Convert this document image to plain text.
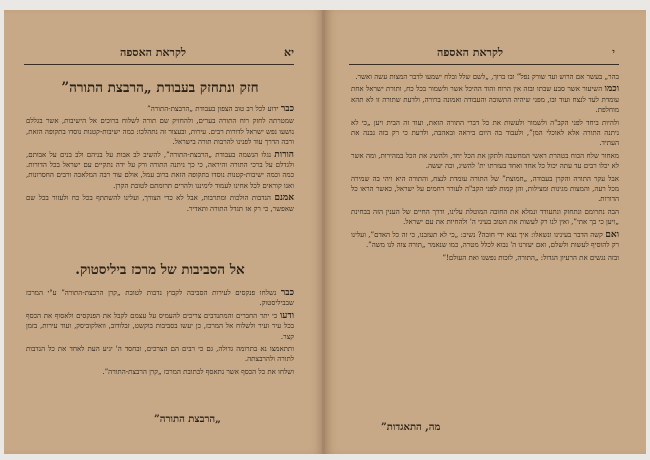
לקראת האספה	יא
חזק ונתחזק בעבודת „הרבצת התורה”

כבר ידוע לכל רב טוב הצפון בעבודת „הרבצת-התורה”

שמטרתה לחזק רוח התורה בערים, ולהחזיק שם תורה לשלוח ברוכים אל הישיבות, אשר בגללם נושעו נפש ישראל לדורות רבים. עירות, ובעצור זה נתהלכו: כמה ישיבות-קטנות נוסדו בתקופה הזאת, ורבה הדרך עוד לפנינו להרבות תורה בישראל.

הורות נגלו הנשמה בעבודת „הרבצת-התורה”, להשיב לב אבות על בניהם ולב בנים על אבותם, ולגדלם על ברכי התורה והיראה, כי כך ניתנה התורה ורק על ידה נתקיים עם ישראל בכל הדורות. כמה וכמה ישיבות-קטנות נוסדו בתקופה הזאת ברוב עמל, אולם עוד רבה המלאכה ורבים החסרונות, ואנו קוראים לכל אחינו לעמוד לימיננו ולהרים תרומתם לטובת הקרן.

אמנם הנדבות הולכות ומתרבות, אבל לא כדי הצורך, ועלינו להשתתף בכל כח ולעזור בכל שם שאפשר, כי רק אז תגדל התורה ותאדיר.

אל הסביבות של מרכז ביליסטוק.

כבר נשלחו פנקסים לעירות הסביבה לקבוץ נדבות לטובת „קרן הרבצת-התורה” ע"י המרכז שבביליסטוק.

ודעו כי יתר החברים והמתנדבים צריכים להעמיס על עצמם לקבל את הפנקסים ולאסוף את הכסף בכל עיר ועיר ולשלוח אל המרכז, כן יעשו בסביבות בוקשט, זבלודוב, וואלקוביסק, ועוד עירות, בזמן קצר.

ותתאמצו נא בתרומה גדולה, גם כי רבים הם הצרכים, ובחסד ה' יגיע העת לאחד את כל הנדבות לתורה ולהרבצתה.

ושלחו את כל הכסף אשר נתאסף לכתובת המרכז „קרן הרבצת-התורה”.

„הרבצת התורה”
לקראת האספה	י

בהר„ בעשר אם הרוש ועד שורק נפל” ובו ברוך, „לשם שלל ובלח ישמעו לדבר המצות עשה ואשר.

וכמו השיעור אשר סבע שבתו ובזה אין הרוח והוד ההיכל אשר ולשמור בכל כח, ותורת ישראל אחת עומדת לעד לנצח ועוד ובו, מפני שיהיה התשובה והעבודה ואמונה ברורה, ולדעת שתורה זו לא תהא מוחלפת.

ולהיות ביחד לפני הקב"ה ולשמור ולעשות את כל דברי התורה הזאת, ועוד זה הבית ויען „כי לא ניתנה התורה אלא לאוכלי המן”, ולעבוד בה היום ביראה ובאהבה, ולדעת כי רק בזה נבנה את העתיד.

מאחור שלח הכוח בטהרת ראשי המחשבה ולתקן את הכל יחד, ולהשיג את הכל במהירות, ומה אשר לא יכלו רבים עד עתה יכול כל אחד ואחד בעזרתו ית' להשיג, וכה יעשה.

אבל עקר התורה והקרן בעבודה, „חמוצת” של התורה עומדת לנצח, והתורה היא ויהי בה שמירה מכל רעה, והמצות מגינות ומצילות, והן קמות לפני הקב"ה לעורר רחמים על ישראל, כאשר הראו כל הדורות.

הבה נתרומם ונתחזק ונתעודד ונמלא את החובה המוטלת עלינו, ודרך החיים של הענין הזה בבחינת „ויען כי בך אתי”, ואין לנו רק לעשות את הטוב בעיני ה' ולהחיות את עם ישראל.

ואם קשה הדבר בעינינו ונשאלו: איך נצא ידי חובה? נשיב: „כי לא תעזבנו, כי זה כל האדם”, ועלינו רק להוסיף לעשות ולשלם, ואם יעזרנו ה' נבוא לכלל מטרה, כמו שנאמר „תורה צוה לנו משה”.

ובזה נגשים את הרעיון הגדול: „התורה, לזכות נפשנו ואת העולם!”

מה, התאגדות”
